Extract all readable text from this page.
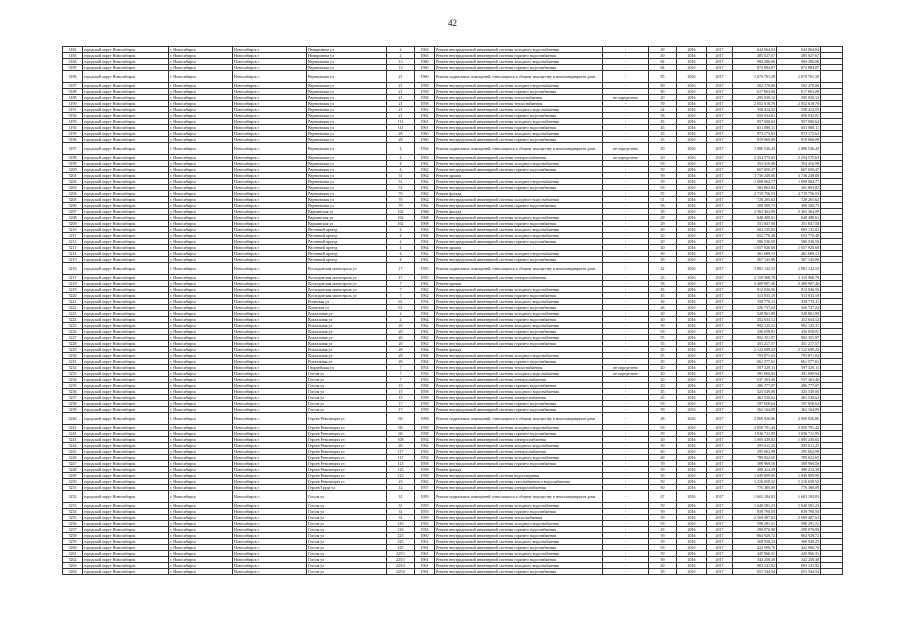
42
3182	городской округ Новосибирск	г. Новосибирск	Новосибирск г	Немировича ул	2	1963	Ремонт внутридомовой инженерной системы холодного водоснабжения	-	49	2016	2017	644 064,04	644 064,04	
3183	городской округ Новосибирск	г. Новосибирск	Новосибирск г	Немировича ул	2	1963	Ремонт внутридомовой инженерной системы горячего водоснабжения	-	49	2016	2017	485 027,67	485 027,67	
3184	городской округ Новосибирск	г. Новосибирск	Новосибирск г	Вертковская ул	13	1960	Ремонт внутридомовой инженерной системы холодного водоснабжения	-	84	2016	2017	984 286,06	984 286,06	
3185	городской округ Новосибирск	г. Новосибирск	Новосибирск г	Вертковская ул	13	1960	Ремонт внутридомовой инженерной системы горячего водоснабжения	-	84	2016	2017	872 884,87	872 884,87	
3186	городской округ Новосибирск	г. Новосибирск	Новосибирск г	Вертковская ул	21	1960	Ремонт подвальных помещений, относящихся к общему имуществу в многоквартирном доме	-	85	2016	2017	1 670 761,39	1 670 761,39	
3187	городской округ Новосибирск	г. Новосибирск	Новосибирск г	Вертковская ул	21	1958	Ремонт внутридомовой инженерной системы холодного водоснабжения	-	90	2016	2017	502 270,00	502 270,00	
3188	городской округ Новосибирск	г. Новосибирск	Новосибирск г	Вертковская ул	21	1958	Ремонт внутридомовой инженерной системы горячего водоснабжения	-	90	2016	2017	617 863,00	617 863,00	
3189	городской округ Новосибирск	г. Новосибирск	Новосибирск г	Вертковская ул	21	1958	Ремонт внутридомовой инженерной системы теплоснабжения	не определено	20	2016	2017	295 030,12	295 030,12	
3190	городской округ Новосибирск	г. Новосибирск	Новосибирск г	Вертковская ул	21	1958	Ремонт внутридомовой инженерной системы теплоснабжения	-	59	2016	2017	2 052 618,76	2 052 618,76	
3191	городской округ Новосибирск	г. Новосибирск	Новосибирск г	Вертковская ул	21	1962	Ремонт внутридомовой инженерной системы холодного водоснабжения	-	54	2016	2017	358 414,55	358 414,55	
3192	городской округ Новосибирск	г. Новосибирск	Новосибирск г	Вертковская ул	21	1962	Ремонт внутридомовой инженерной системы горячего водоснабжения	-	58	2016	2017	650 032,81	650 032,81	
3193	городской округ Новосибирск	г. Новосибирск	Новосибирск г	Вертковская ул	111	1961	Ремонт внутридомовой инженерной системы холодного водоснабжения	-	45	2016	2017	957 000,64	957 000,64	
3194	городской округ Новосибирск	г. Новосибирск	Новосибирск г	Вертковская ул	111	1961	Ремонт внутридомовой инженерной системы горячего водоснабжения	-	45	2016	2017	651 080,11	651 080,11	
3195	городской округ Новосибирск	г. Новосибирск	Новосибирск г	Вертковская ул	28	1960	Ремонт внутридомовой инженерной системы холодного водоснабжения	-	23	2016	2017	973 175,63	973 175,63	
3196	городской округ Новосибирск	г. Новосибирск	Новосибирск г	Вертковская ул	28	1960	Ремонт внутридомовой инженерной системы горячего водоснабжения	-	23	2016	2017	819 060,00	819 060,00	
3197	городской округ Новосибирск	г. Новосибирск	Новосибирск г	Вертковская ул	4	1954	Ремонт подвальных помещений, относящихся к общему имуществу в многоквартирном доме	не определено	20	2016	2017	1 086 536,43	1 086 536,43	
3198	городской округ Новосибирск	г. Новосибирск	Новосибирск г	Вертковская ул	4	1954	Ремонт внутридомовой инженерной системы электроснабжения	не определено	20	2016	2017	2 254 575,63	2 254 575,63	
3199	городской округ Новосибирск	г. Новосибирск	Новосибирск г	Вертковская ул	4	1962	Ремонт внутридомовой инженерной системы холодного водоснабжения	-	59	2016	2017	354 416,98	354 416,98	
3200	городской округ Новосибирск	г. Новосибирск	Новосибирск г	Вертковская ул	4	1962	Ремонт внутридомовой инженерной системы горячего водоснабжения	-	59	2016	2017	667 650,47	667 650,47	
3201	городской округ Новосибирск	г. Новосибирск	Новосибирск г	Вертковская ул	51	1962	Ремонт крыши	-	59	2016	2017	3 736 248,00	3 736 248,00	
3202	городской округ Новосибирск	г. Новосибирск	Новосибирск г	Вертковская ул	51	1962	Ремонт внутридомовой инженерной системы холодного водоснабжения	-	59	2016	2017	1 008 064,77	1 008 064,77	
3203	городской округ Новосибирск	г. Новосибирск	Новосибирск г	Вертковская ул	51	1962	Ремонт внутридомовой инженерной системы горячего водоснабжения	-	59	2016	2017	302 863,82	302 863,82	
3204	городской округ Новосибирск	г. Новосибирск	Новосибирск г	Вертковская ул	70	1962	Ремонт фасада	-	55	2016	2017	2 719 756,53	2 719 756,53	
3205	городской округ Новосибирск	г. Новосибирск	Новосибирск г	Вертковская ул	70	1962	Ремонт внутридомовой инженерной системы холодного водоснабжения	-	51	2016	2017	728 205,62	728 205,62	
3206	городской округ Новосибирск	г. Новосибирск	Новосибирск г	Вертковская ул	70	1962	Ремонт внутридомовой инженерной системы горячего водоснабжения	-	56	2016	2017	309 309,75	309 309,75	
3207	городской округ Новосибирск	г. Новосибирск	Новосибирск г	Варшавская ул	162	1968	Ремонт фасада	-	29	2016	2017	2 363 364,09	2 363 364,09	
3208	городской округ Новосибирск	г. Новосибирск	Новосибирск г	Варшавская ул	162	1968	Ремонт внутридомовой инженерной системы холодного водоснабжения	-	29	2016	2017	648 488,61	648 488,61	
3209	городской округ Новосибирск	г. Новосибирск	Новосибирск г	Варшавская ул	162	1968	Ремонт внутридомовой инженерной системы горячего водоснабжения	-	29	2016	2017	351 847,58	351 847,58	
3210	городской округ Новосибирск	г. Новосибирск	Новосибирск г	Весенний проезд	4	1964	Ремонт внутридомовой инженерной системы холодного водоснабжения	-	49	2016	2017	603 135,02	603 135,02	
3211	городской округ Новосибирск	г. Новосибирск	Новосибирск г	Весенний проезд	4	1964	Ремонт внутридомовой инженерной системы холодного водоснабжения	-	20	2016	2017	652 770,48	652 770,48	
3212	городской округ Новосибирск	г. Новосибирск	Новосибирск г	Весенний проезд	4	1964	Ремонт внутридомовой инженерной системы горячего водоснабжения	-	20	2016	2017	586 536,50	586 536,50	
3213	городской округ Новосибирск	г. Новосибирск	Новосибирск г	Весенний проезд	4	1964	Ремонт крыши	-	20	2016	2017	1 657 920,68	1 657 920,68	
3214	городской округ Новосибирск	г. Новосибирск	Новосибирск г	Весенний проезд	4	1962	Ремонт внутридомовой инженерной системы холодного водоснабжения	-	49	2016	2017	461 689,13	461 689,13	
3215	городской округ Новосибирск	г. Новосибирск	Новосибирск г	Весенний проезд	4	1962	Ремонт внутридомовой инженерной системы горячего водоснабжения	-	49	2016	2017	367 143,86	367 143,86	
3216	городской округ Новосибирск	г. Новосибирск	Новосибирск г	Восходовская магистраль ул	17	1955	Ремонт подвальных помещений, относящихся к общему имуществу в многоквартирном доме	-	42	2016	2017	1 881 142,53	1 881 142,53	
3217	городской округ Новосибирск	г. Новосибирск	Новосибирск г	Восходовская магистраль ул	17	1955	Ремонт внутридомовой инженерной системы электроснабжения	-	43	2016	2017	2 119 968,78	2 119 968,78	
3218	городской округ Новосибирск	г. Новосибирск	Новосибирск г	Восходовская магистраль ул	7	1962	Ремонт крыши	-	58	2016	2017	2 409 907,46	2 409 907,46	
3219	городской округ Новосибирск	г. Новосибирск	Новосибирск г	Восходовская магистраль ул	7	1962	Ремонт внутридомовой инженерной системы холодного водоснабжения	-	45	2016	2017	912 036,56	912 036,56	
3220	городской округ Новосибирск	г. Новосибирск	Новосибирск г	Восходовская магистраль ул	7	1962	Ремонт внутридомовой инженерной системы горячего водоснабжения	-	45	2016	2017	313 033,19	313 033,19	
3221	городской округ Новосибирск	г. Новосибирск	Новосибирск г	Воинская ул	61	1954	Ремонт внутридомовой инженерной системы холодного водоснабжения	-	46	2016	2017	358 770,11	358 770,11	
3222	городской округ Новосибирск	г. Новосибирск	Новосибирск г	Воинская ул	61	1954	Ремонт внутридомовой инженерной системы горячего водоснабжения	-	46	2016	2017	326 737,24	326 737,24	
3223	городской округ Новосибирск	г. Новосибирск	Новосибирск г	Вокзальная ул	2	1964	Ремонт внутридомовой инженерной системы холодного водоснабжения	-	40	2016	2017	528 861,98	528 861,98	
3224	городской округ Новосибирск	г. Новосибирск	Новосибирск г	Вокзальная ул	2	1964	Ремонт внутридомовой инженерной системы горячего водоснабжения	-	40	2016	2017	452 634,12	452 634,12	
3225	городской округ Новосибирск	г. Новосибирск	Новосибирск г	Вокзальная ул	20	1962	Ремонт внутридомовой инженерной системы холодного водоснабжения	-	59	2016	2017	992 125,31	992 125,31	
3226	городской округ Новосибирск	г. Новосибирск	Новосибирск г	Вокзальная ул	20	1962	Ремонт внутридомовой инженерной системы горячего водоснабжения	-	59	2016	2017	436 058,81	436 058,81	
3227	городской округ Новосибирск	г. Новосибирск	Новосибирск г	Вокзальная ул	20	1962	Ремонт внутридомовой инженерной системы холодного водоснабжения	-	55	2016	2017	902 351,97	902 351,97	
3228	городской округ Новосибирск	г. Новосибирск	Новосибирск г	Вокзальная ул	20	1962	Ремонт внутридомовой инженерной системы горячего водоснабжения	-	55	2016	2017	451 217,57	451 217,57	
3229	городской округ Новосибирск	г. Новосибирск	Новосибирск г	Вокзальная ул	28	1964	Ремонт фасада	-	25	2016	2017	2 122 699,22	2 122 699,22	
3230	городской округ Новосибирск	г. Новосибирск	Новосибирск г	Вокзальная ул	28	1964	Ремонт внутридомовой инженерной системы холодного водоснабжения	-	45	2016	2017	793 871,04	793 871,04	
3231	городской округ Новосибирск	г. Новосибирск	Новосибирск г	Вокзальная ул	28	1964	Ремонт внутридомовой инженерной системы горячего водоснабжения	-	45	2016	2017	661 577,61	661 577,61	
3232	городской округ Новосибирск	г. Новосибирск	Новосибирск г	Гвардейская ул	7	1954	Ремонт внутридомовой инженерной системы теплоснабжения	не определено	20	2016	2017	597 329,11	597 329,11	
3233	городской округ Новосибирск	г. Новосибирск	Новосибирск г	Гоголя ул	7	1954	Ремонт внутридомовой инженерной системы холодного водоснабжения	не определено	20	2016	2017	391 000,94	391 000,94	
3234	городской округ Новосибирск	г. Новосибирск	Новосибирск г	Гоголя ул	7	1954	Ремонт внутридомовой инженерной системы электроснабжения	-	20	2016	2017	537 263,46	537 263,46	
3235	городской округ Новосибирск	г. Новосибирск	Новосибирск г	Гоголя ул	15	1958	Ремонт внутридомовой инженерной системы горячего водоснабжения	-	20	2016	2017	286 777,07	286 777,07	
3236	городской округ Новосибирск	г. Новосибирск	Новосибирск г	Гоголя ул	15	1958	Ремонт внутридомовой инженерной системы холодного водоснабжения	-	45	2016	2017	323 549,00	323 549,00	
3237	городской округ Новосибирск	г. Новосибирск	Новосибирск г	Гоголя ул	15	1958	Ремонт внутридомовой инженерной системы электроснабжения	-	45	2016	2017	461 530,62	461 530,62	
3238	городской округ Новосибирск	г. Новосибирск	Новосибирск г	Гоголя ул	17	1958	Ремонт внутридомовой инженерной системы горячего водоснабжения	-	59	2016	2017	197 658,64	197 658,64	
3239	городской округ Новосибирск	г. Новосибирск	Новосибирск г	Гоголя ул	17	1958	Ремонт внутридомовой инженерной системы горячего водоснабжения	-	59	2016	2017	362 164,09	362 164,09	
3240	городской округ Новосибирск	г. Новосибирск	Новосибирск г	Героев Революции ул	60	1958	Ремонт подвальных помещений, относящихся к общему имуществу в многоквартирном доме	-	48	2016	2017	2 069 926,86	2 069 926,86	
3241	городской округ Новосибирск	г. Новосибирск	Новосибирск г	Героев Революции ул	60	1958	Ремонт внутридомовой инженерной системы холодного водоснабжения	-	59	2016	2017	2 050 791,44	2 050 791,44	
3242	городской округ Новосибирск	г. Новосибирск	Новосибирск г	Героев Революции ул	60	1958	Ремонт внутридомовой инженерной системы горячего водоснабжения	-	59	2016	2017	1 036 711,95	1 036 711,95	
3243	городской округ Новосибирск	г. Новосибирск	Новосибирск г	Героев Революции ул	108	1954	Ремонт внутридомовой инженерной системы электроснабжения	-	20	2016	2017	1 005 430,82	1 005 430,82	
3244	городской округ Новосибирск	г. Новосибирск	Новосибирск г	Героев Революции ул	20	1962	Ремонт внутридомовой инженерной системы холодного водоснабжения	-	59	2016	2017	295 611,25	295 611,25	
3245	городской округ Новосибирск	г. Новосибирск	Новосибирск г	Героев Революции ул	117	1954	Ремонт внутридомовой инженерной системы электроснабжения	-	60	2016	2017	295 062,98	295 062,98	
3246	городской округ Новосибирск	г. Новосибирск	Новосибирск г	Героев Революции ул	117	1954	Ремонт внутридомовой инженерной системы холодного водоснабжения	-	60	2016	2017	789 022,65	789 022,65	
3247	городской округ Новосибирск	г. Новосибирск	Новосибирск г	Героев Революции ул	123	1958	Ремонт внутридомовой инженерной системы горячего водоснабжения	-	59	2016	2017	309 969,56	309 969,56	
3248	городской округ Новосибирск	г. Новосибирск	Новосибирск г	Героев Революции ул	123	1958	Ремонт фасада	-	59	2016	2017	490 414,39	490 414,39	
3249	городской округ Новосибирск	г. Новосибирск	Новосибирск г	Героев Революции ул	123	1958	Ремонт внутридомовой инженерной системы водоотведения	-	50	2016	2017	1 049 809,90	1 049 809,90	
3250	городской округ Новосибирск	г. Новосибирск	Новосибирск г	Героев Революции ул	23	1962	Ремонт внутридомовой инженерной системы газоснабжения и водоснабжения	-	59	2016	2017	1 216 658,52	1 216 658,52	
3251	городской округ Новосибирск	г. Новосибирск	Новосибирск г	Героев Труда ул	12	1957	Ремонт внутридомовой инженерной системы электроснабжения	-	60	2016	2017	776 380,09	776 380,09	
3252	городской округ Новосибирск	г. Новосибирск	Новосибирск г	Гоголя ул	31	1959	Ремонт подвальных помещений, относящихся к общему имуществу в многоквартирном доме	-	47	2016	2017	1 602 184,03	1 602 184,03	
3253	городской округ Новосибирск	г. Новосибирск	Новосибирск г	Гоголя ул	31	1959	Ремонт внутридомовой инженерной системы холодного водоснабжения	-	59	2016	2017	1 640 581,23	1 640 581,23	
3254	городской округ Новосибирск	г. Новосибирск	Новосибирск г	Гоголя ул	31	1959	Ремонт внутридомовой инженерной системы горячего водоснабжения	-	59	2016	2017	839 790,50	839 790,50	
3255	городской округ Новосибирск	г. Новосибирск	Новосибирск г	Гоголя ул	31	1959	Ремонт внутридомовой инженерной системы теплоснабжения	-	59	2016	2017	2 569 487,63	2 569 487,63	
3256	городской округ Новосибирск	г. Новосибирск	Новосибирск г	Гоголя ул	216	1954	Ремонт внутридомовой инженерной системы холодного водоснабжения	-	59	2016	2017	598 291,51	598 291,51	
3257	городской округ Новосибирск	г. Новосибирск	Новосибирск г	Гоголя ул	216	1954	Ремонт внутридомовой инженерной системы горячего водоснабжения	-	45	2016	2017	290 076,90	290 076,90	
3258	городской округ Новосибирск	г. Новосибирск	Новосибирск г	Гоголя ул	225	1960	Ремонт внутридомовой инженерной системы горячего водоснабжения	-	59	2016	2017	864 929,72	864 929,72	
3259	городской округ Новосибирск	г. Новосибирск	Новосибирск г	Гоголя ул	225	1961	Ремонт внутридомовой инженерной системы холодного водоснабжения	-	59	2016	2017	368 938,23	368 938,23	
3260	городской округ Новосибирск	г. Новосибирск	Новосибирск г	Гоголя ул	225	1961	Ремонт внутридомовой инженерной системы горячего водоснабжения	-	59	2016	2017	422 006,76	422 006,76	
3261	городской округ Новосибирск	г. Новосибирск	Новосибирск г	Гоголя ул	225/1	1961	Ремонт внутридомовой инженерной системы холодного водоснабжения	-	59	2016	2017	445 966,31	445 966,31	
3262	городской округ Новосибирск	г. Новосибирск	Новосибирск г	Гоголя ул	225/1	1961	Ремонт внутридомовой инженерной системы горячего водоснабжения	-	59	2016	2017	342 258,30	342 258,30	
3263	городской округ Новосибирск	г. Новосибирск	Новосибирск г	Гоголя ул	225/2	1961	Ремонт внутридомовой инженерной системы холодного водоснабжения	-	49	2016	2017	803 141,92	803 141,92	
3264	городской округ Новосибирск	г. Новосибирск	Новосибирск г	Гоголя ул	225/2	1961	Ремонт внутридомовой инженерной системы горячего водоснабжения	-	49	2016	2017	651 544,54	651 544,54	
